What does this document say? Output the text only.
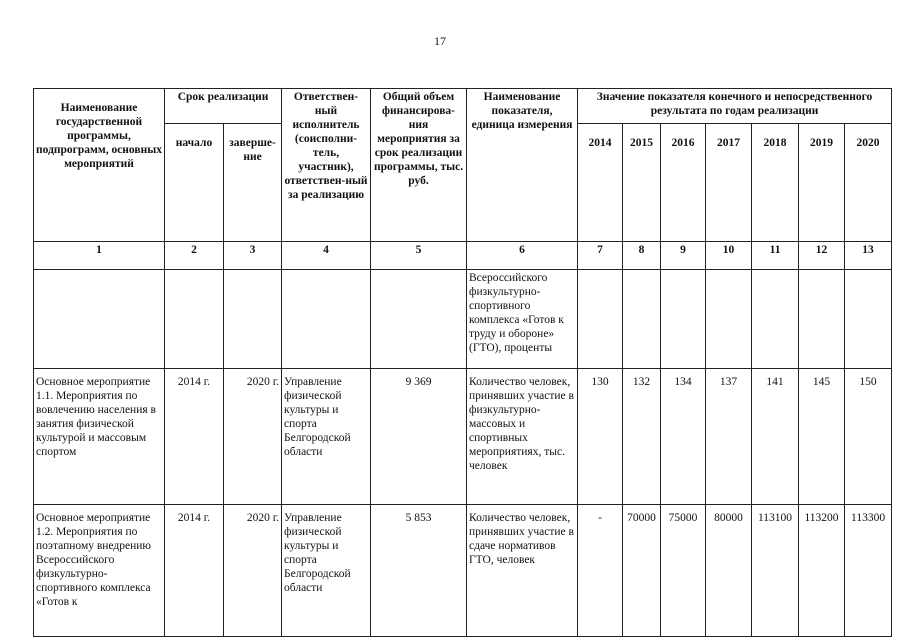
17
Наименование государственной программы, подпрограмм, основных мероприятий	Срок реализации		Ответствен-ный исполнитель (соисполни-тель, участник), ответствен-ный за реализацию	Общий объем финансирова-ния мероприятия за срок реализации программы, тыс. руб.	Наименование показателя, единица измерения	Значение показателя конечного и непосредственного результата по годам реализации						
	начало	заверше-ние				2014	2015	2016	2017	2018	2019	2020
1	2	3	4	5	6	7	8	9	10	11	12	13
					Всероссийского физкультурно-спортивного комплекса «Готов к труду и обороне» (ГТО), проценты							
Основное мероприятие 1.1. Мероприятия по вовлечению населения в занятия физической культурой и массовым спортом	2014 г.	2020 г.	Управление физической культуры и спорта Белгородской области	9 369	Количество человек, принявших участие в физкультурно-массовых и спортивных мероприятиях, тыс. человек	130	132	134	137	141	145	150
Основное мероприятие 1.2. Мероприятия по поэтапному внедрению Всероссийского физкультурно-спортивного комплекса «Готов к	2014 г.	2020 г.	Управление физической культуры и спорта Белгородской области	5 853	Количество человек, принявших участие в сдаче нормативов ГТО, человек	-	70000	75000	80000	113100	113200	113300
